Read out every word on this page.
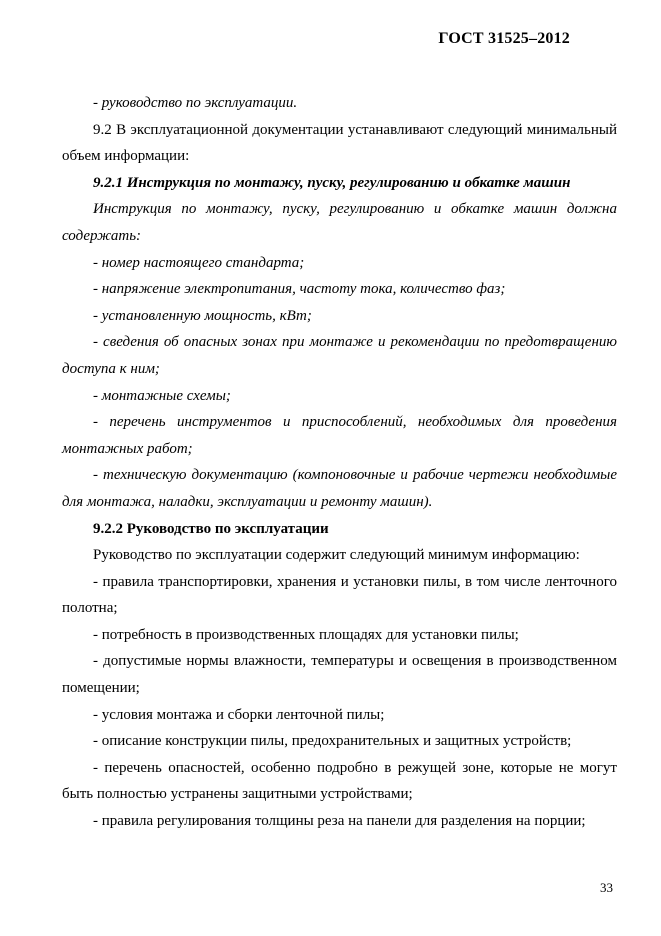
ГОСТ 31525–2012

- руководство по эксплуатации.

9.2 В эксплуатационной документации устанавливают следующий минимальный объем информации:

9.2.1 Инструкция по монтажу, пуску, регулированию и обкатке машин

Инструкция по монтажу, пуску, регулированию и обкатке машин должна содержать:

- номер настоящего стандарта;

- напряжение электропитания, частоту тока, количество фаз;

- установленную мощность, кВт;

- сведения об опасных зонах при монтаже и рекомендации по предотвращению доступа к ним;

- монтажные схемы;

- перечень инструментов и приспособлений, необходимых для проведения монтажных работ;

- техническую документацию (компоновочные и рабочие чертежи необходимые для монтажа, наладки, эксплуатации и ремонту машин).

9.2.2 Руководство по эксплуатации

Руководство по эксплуатации содержит следующий минимум информацию:

- правила транспортировки, хранения и установки пилы, в том числе ленточного полотна;

- потребность в производственных площадях для установки пилы;

- допустимые нормы влажности, температуры и освещения в производственном помещении;

- условия монтажа и сборки ленточной пилы;

- описание конструкции пилы, предохранительных и защитных устройств;

- перечень опасностей, особенно подробно в режущей зоне, которые не могут быть полностью устранены защитными устройствами;

- правила регулирования толщины реза на панели для разделения на порции;

33
